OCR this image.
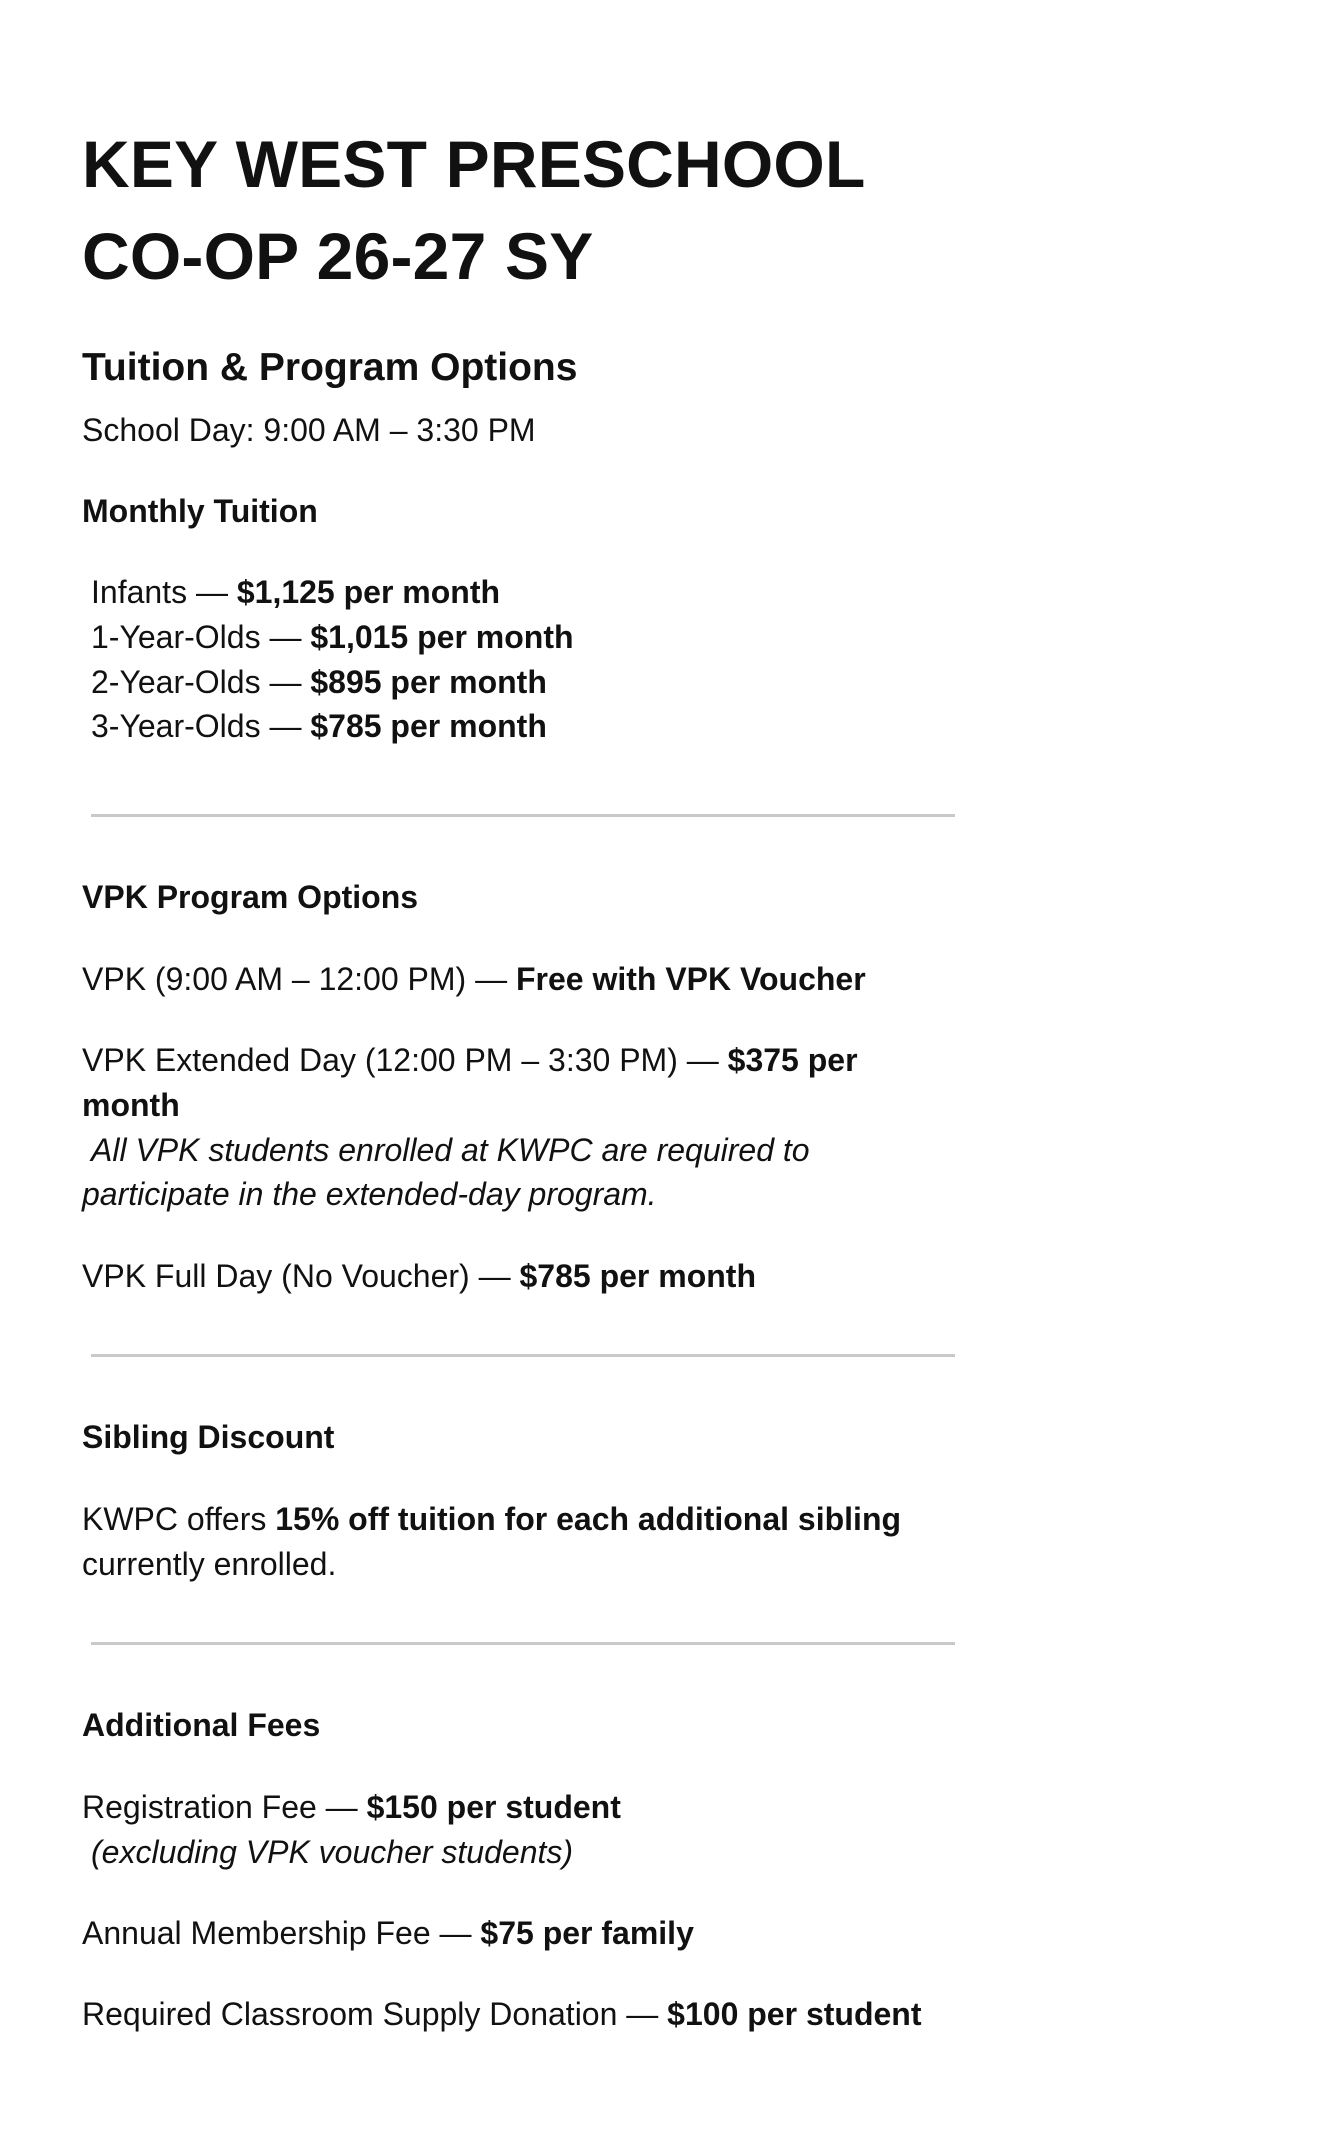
KEY WEST PRESCHOOL
CO-OP 26-27 SY
Tuition & Program Options

School Day: 9:00 AM – 3:30 PM

Monthly Tuition

Infants — $1,125 per month

1-Year-Olds — $1,015 per month

2-Year-Olds — $895 per month

3-Year-Olds — $785 per month

VPK Program Options

VPK (9:00 AM – 12:00 PM) — Free with VPK Voucher

VPK Extended Day (12:00 PM – 3:30 PM) — $375 per

month

All VPK students enrolled at KWPC are required to

participate in the extended-day program.

VPK Full Day (No Voucher) — $785 per month

Sibling Discount

KWPC offers 15% off tuition for each additional sibling

currently enrolled.

Additional Fees

Registration Fee — $150 per student

(excluding VPK voucher students)

Annual Membership Fee — $75 per family

Required Classroom Supply Donation — $100 per student
